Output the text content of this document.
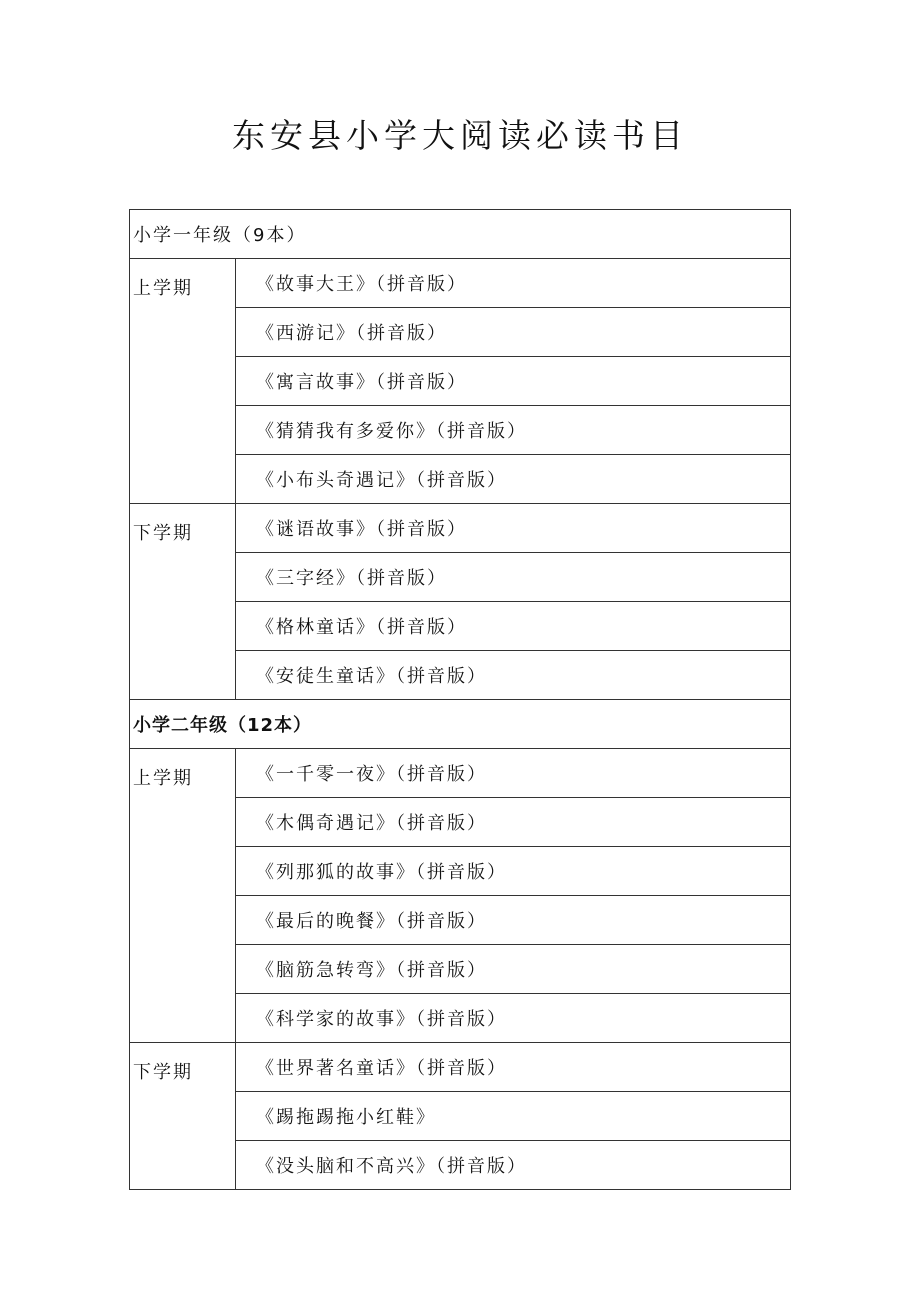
东安县小学大阅读必读书目
小学一年级（9本）	
上学期	《故事大王》（拼音版）
	《西游记》（拼音版）
	《寓言故事》（拼音版）
	《猜猜我有多爱你》（拼音版）
	《小布头奇遇记》（拼音版）
下学期	《谜语故事》（拼音版）
	《三字经》（拼音版）
	《格林童话》（拼音版）
	《安徒生童话》（拼音版）
小学二年级（12本）	
上学期	《一千零一夜》（拼音版）
	《木偶奇遇记》（拼音版）
	《列那狐的故事》（拼音版）
	《最后的晚餐》（拼音版）
	《脑筋急转弯》（拼音版）
	《科学家的故事》（拼音版）
下学期	《世界著名童话》（拼音版）
	《踢拖踢拖小红鞋》
	《没头脑和不高兴》（拼音版）
